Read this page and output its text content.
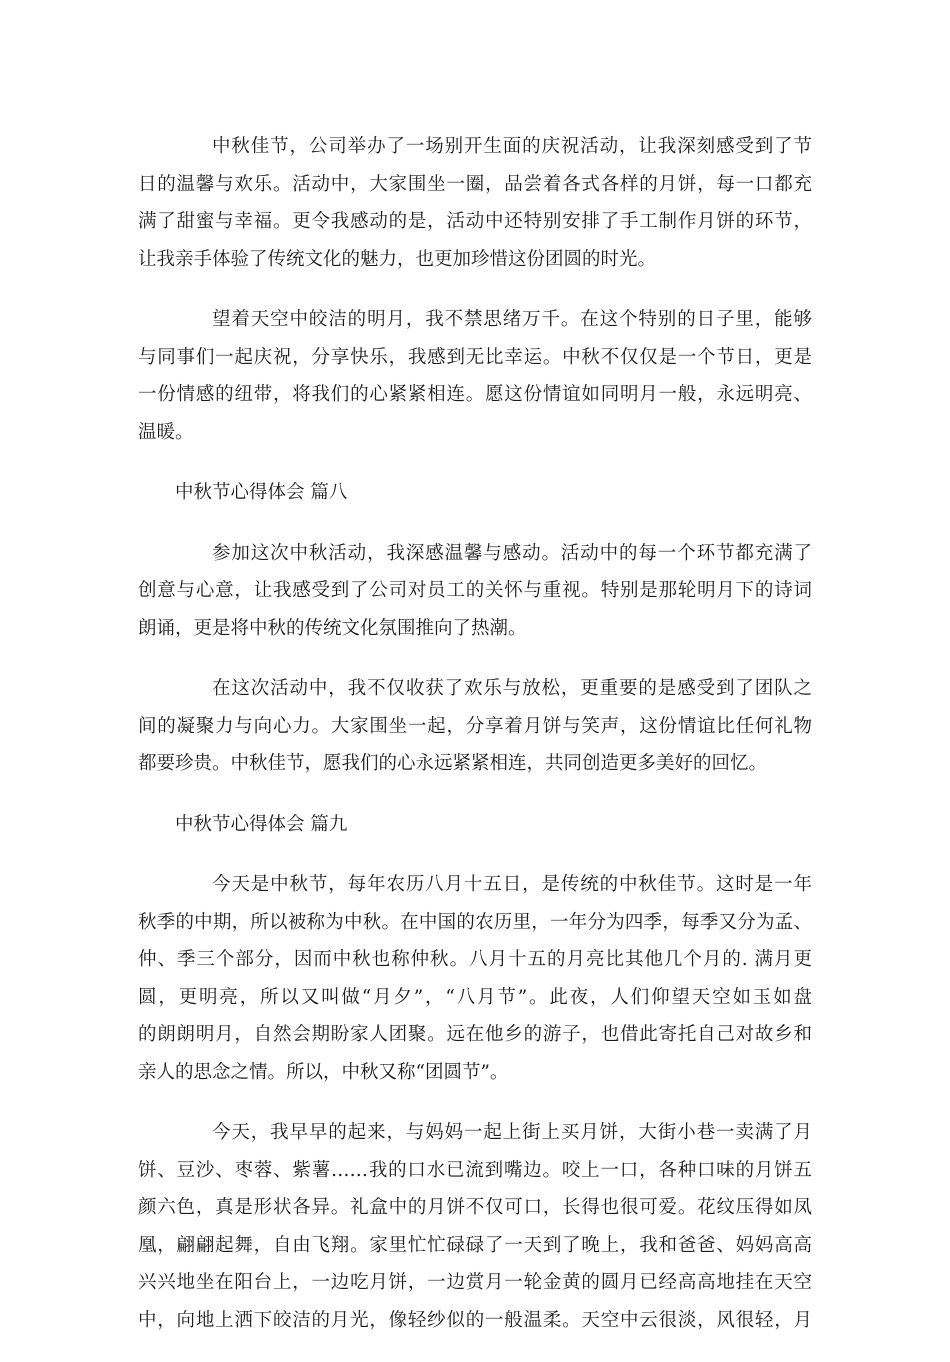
中秋佳节，公司举办了一场别开生面的庆祝活动，让我深刻感受到了节
日的温馨与欢乐。活动中，大家围坐一圈，品尝着各式各样的月饼，每一口都充
满了甜蜜与幸福。更令我感动的是，活动中还特别安排了手工制作月饼的环节，
让我亲手体验了传统文化的魅力，也更加珍惜这份团圆的时光。
望着天空中皎洁的明月，我不禁思绪万千。在这个特别的日子里，能够
与同事们一起庆祝，分享快乐，我感到无比幸运。中秋不仅仅是一个节日，更是
一份情感的纽带，将我们的心紧紧相连。愿这份情谊如同明月一般，永远明亮、
温暖。
中秋节心得体会 篇八
参加这次中秋活动，我深感温馨与感动。活动中的每一个环节都充满了
创意与心意，让我感受到了公司对员工的关怀与重视。特别是那轮明月下的诗词
朗诵，更是将中秋的传统文化氛围推向了热潮。
在这次活动中，我不仅收获了欢乐与放松，更重要的是感受到了团队之
间的凝聚力与向心力。大家围坐一起，分享着月饼与笑声，这份情谊比任何礼物
都要珍贵。中秋佳节，愿我们的心永远紧紧相连，共同创造更多美好的回忆。
中秋节心得体会 篇九
今天是中秋节，每年农历八月十五日，是传统的中秋佳节。这时是一年
秋季的中期，所以被称为中秋。在中国的农历里，一年分为四季，每季又分为孟、
仲、季三个部分，因而中秋也称仲秋。八月十五的月亮比其他几个月的. 满月更
圆，更明亮，所以又叫做“月夕”，“八月节”。此夜，人们仰望天空如玉如盘
的朗朗明月，自然会期盼家人团聚。远在他乡的游子，也借此寄托自己对故乡和
亲人的思念之情。所以，中秋又称“团圆节”。
今天，我早早的起来，与妈妈一起上街上买月饼，大街小巷一卖满了月
饼、豆沙、枣蓉、紫薯……我的口水已流到嘴边。咬上一口，各种口味的月饼五
颜六色，真是形状各异。礼盒中的月饼不仅可口，长得也很可爱。花纹压得如凤
凰，翩翩起舞，自由飞翔。家里忙忙碌碌了一天到了晚上，我和爸爸、妈妈高高
兴兴地坐在阳台上，一边吃月饼，一边赏月一轮金黄的圆月已经高高地挂在天空
中，向地上洒下皎洁的月光，像轻纱似的一般温柔。天空中云很淡，风很轻，月
